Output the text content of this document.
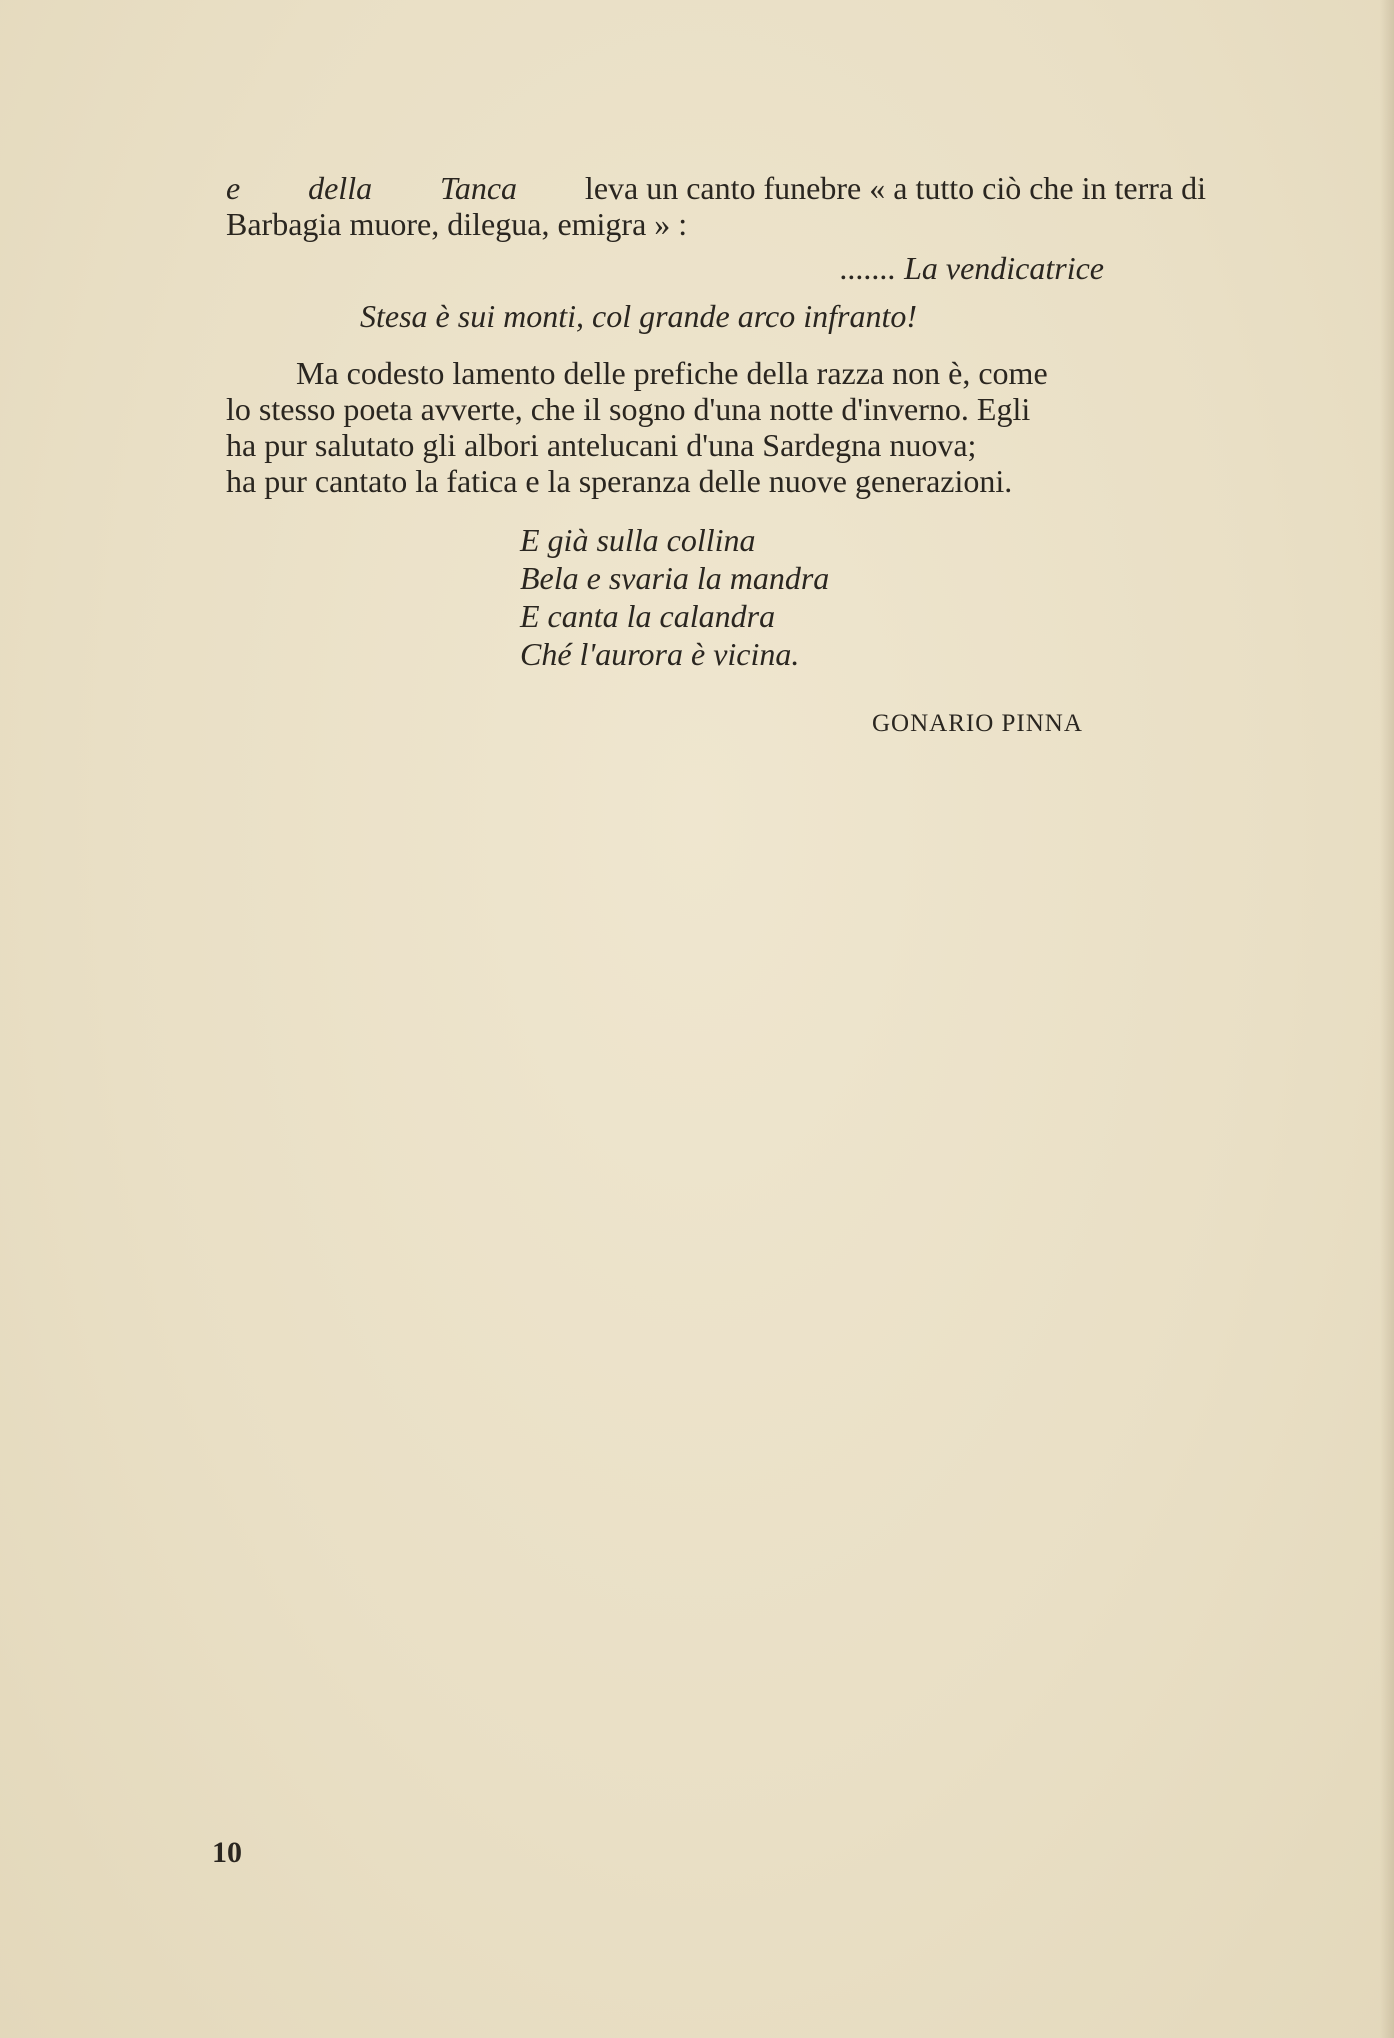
e della Tanca leva un canto funebre « a tutto ciò che in terra di
Barbagia muore, dilegua, emigra » :
....... La vendicatrice
Stesa è sui monti, col grande arco infranto!
Ma codesto lamento delle prefiche della razza non è, come
lo stesso poeta avverte, che il sogno d'una notte d'inverno. Egli
ha pur salutato gli albori antelucani d'una Sardegna nuova;
ha pur cantato la fatica e la speranza delle nuove generazioni.
E già sulla collina
Bela e svaria la mandra
E canta la calandra
Ché l'aurora è vicina.
GONARIO PINNA
10
